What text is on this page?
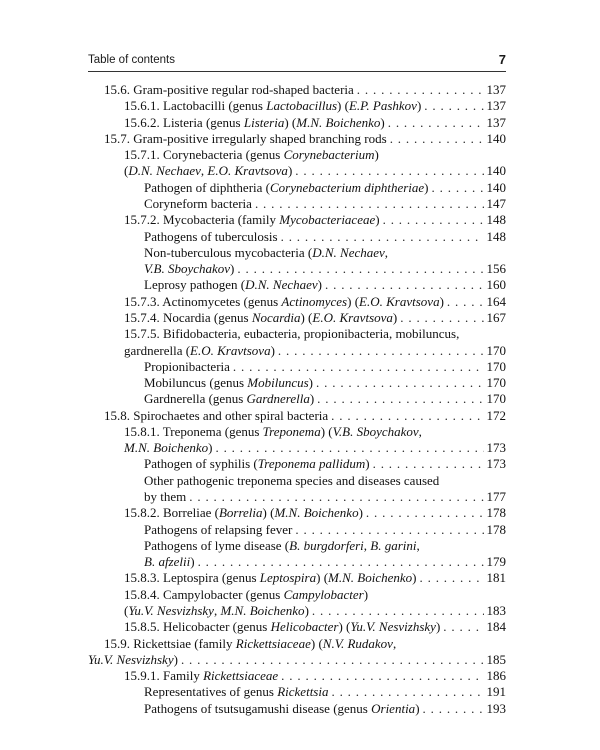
Table of contents	7
15.6. Gram-positive regular rod-shaped bacteria . . .	137
15.6.1. Lactobacilli (genus Lactobacillus) (E.P. Pashkov) . . .	137
15.6.2. Listeria (genus Listeria) (M.N. Boichenko) . . .	137
15.7. Gram-positive irregularly shaped branching rods . . .	140
15.7.1. Corynebacteria (genus Corynebacterium)
(D.N. Nechaev, E.O. Kravtsova) . . .	140
Pathogen of diphtheria (Corynebacterium diphtheriae) . . .	140
Coryneform bacteria . . .	147
15.7.2. Mycobacteria (family Mycobacteriaceae) . . .	148
Pathogens of tuberculosis . . .	148
Non-tuberculous mycobacteria (D.N. Nechaev,
V.B. Sboychakov) . . .	156
Leprosy pathogen (D.N. Nechaev) . . .	160
15.7.3. Actinomycetes (genus Actinomyces) (E.O. Kravtsova) . . .	164
15.7.4. Nocardia (genus Nocardia) (E.O. Kravtsova) . . .	167
15.7.5. Bifidobacteria, eubacteria, propionibacteria, mobiluncus,
gardnerella (E.O. Kravtsova) . . .	170
Propionibacteria . . .	170
Mobiluncus (genus Mobiluncus) . . .	170
Gardnerella (genus Gardnerella) . . .	170
15.8. Spirochaetes and other spiral bacteria . . .	172
15.8.1. Treponema (genus Treponema) (V.B. Sboychakov,
M.N. Boichenko) . . .	173
Pathogen of syphilis (Treponema pallidum) . . .	173
Other pathogenic treponema species and diseases caused
by them . . .	177
15.8.2. Borreliae (Borrelia) (M.N. Boichenko) . . .	178
Pathogens of relapsing fever . . .	178
Pathogens of lyme disease (B. burgdorferi, B. garini,
B. afzelii) . . .	179
15.8.3. Leptospira (genus Leptospira) (M.N. Boichenko) . . .	181
15.8.4. Campylobacter (genus Campylobacter)
(Yu.V. Nesvizhsky, M.N. Boichenko) . . .	183
15.8.5. Helicobacter (genus Helicobacter) (Yu.V. Nesvizhsky) . . .	184
15.9. Rickettsiae (family Rickettsiaceae) (N.V. Rudakov,
Yu.V. Nesvizhsky) . . .	185
15.9.1. Family Rickettsiaceae . . .	186
Representatives of genus Rickettsia . . .	191
Pathogens of tsutsugamushi disease (genus Orientia) . . .	193
